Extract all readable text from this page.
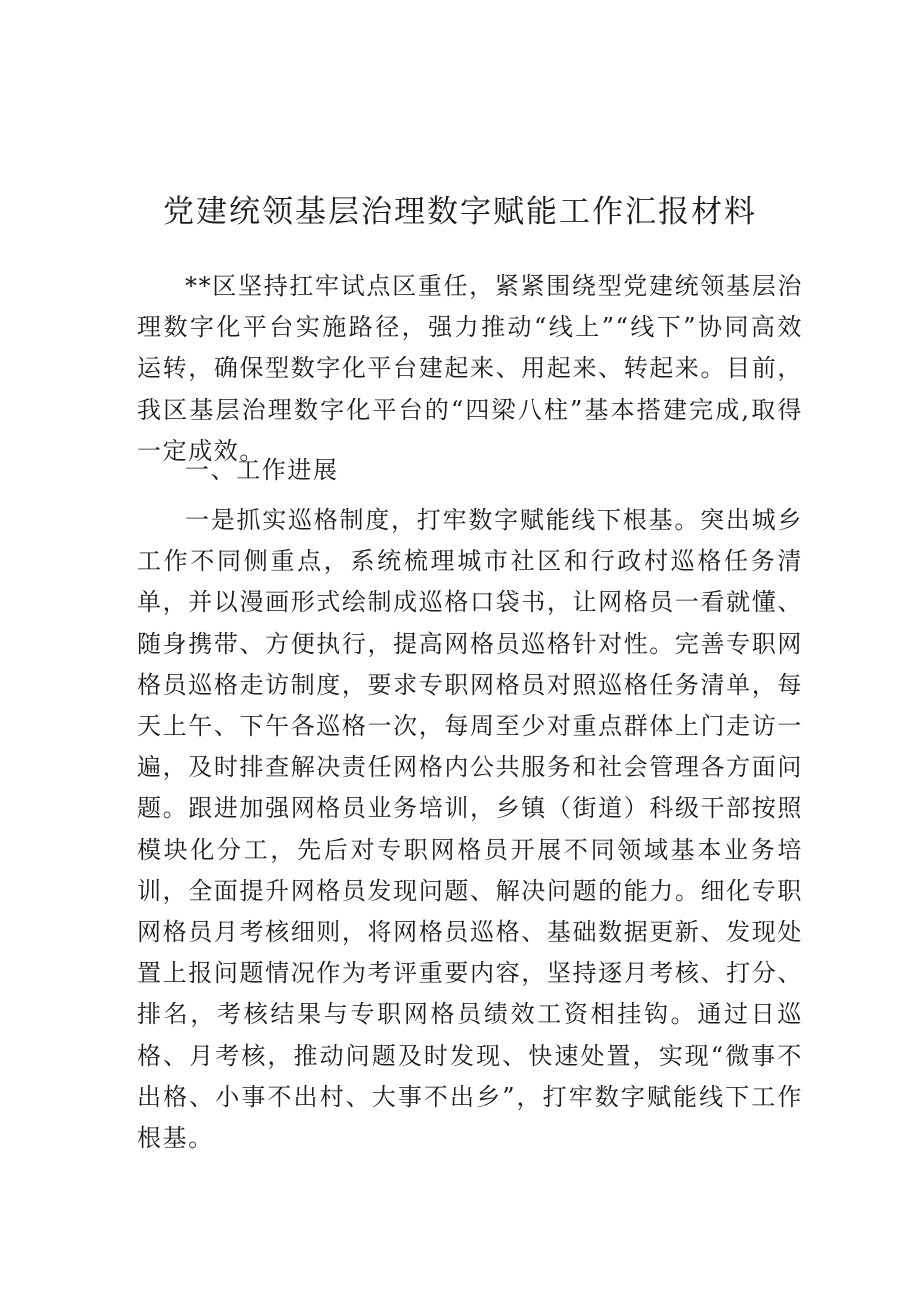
党建统领基层治理数字赋能工作汇报材料

**区坚持扛牢试点区重任，紧紧围绕型党建统领基层治理数字化平台实施路径，强力推动“线上”“线下”协同高效运转，确保型数字化平台建起来、用起来、转起来。目前，我区基层治理数字化平台的“四梁八柱”基本搭建完成,取得一定成效。

一、工作进展

一是抓实巡格制度，打牢数字赋能线下根基。突出城乡工作不同侧重点，系统梳理城市社区和行政村巡格任务清单，并以漫画形式绘制成巡格口袋书，让网格员一看就懂、随身携带、方便执行，提高网格员巡格针对性。完善专职网格员巡格走访制度，要求专职网格员对照巡格任务清单，每天上午、下午各巡格一次，每周至少对重点群体上门走访一遍，及时排查解决责任网格内公共服务和社会管理各方面问题。跟进加强网格员业务培训，乡镇（街道）科级干部按照模块化分工，先后对专职网格员开展不同领域基本业务培训，全面提升网格员发现问题、解决问题的能力。细化专职网格员月考核细则，将网格员巡格、基础数据更新、发现处置上报问题情况作为考评重要内容，坚持逐月考核、打分、排名，考核结果与专职网格员绩效工资相挂钩。通过日巡格、月考核，推动问题及时发现、快速处置，实现“微事不出格、小事不出村、大事不出乡”，打牢数字赋能线下工作根基。
